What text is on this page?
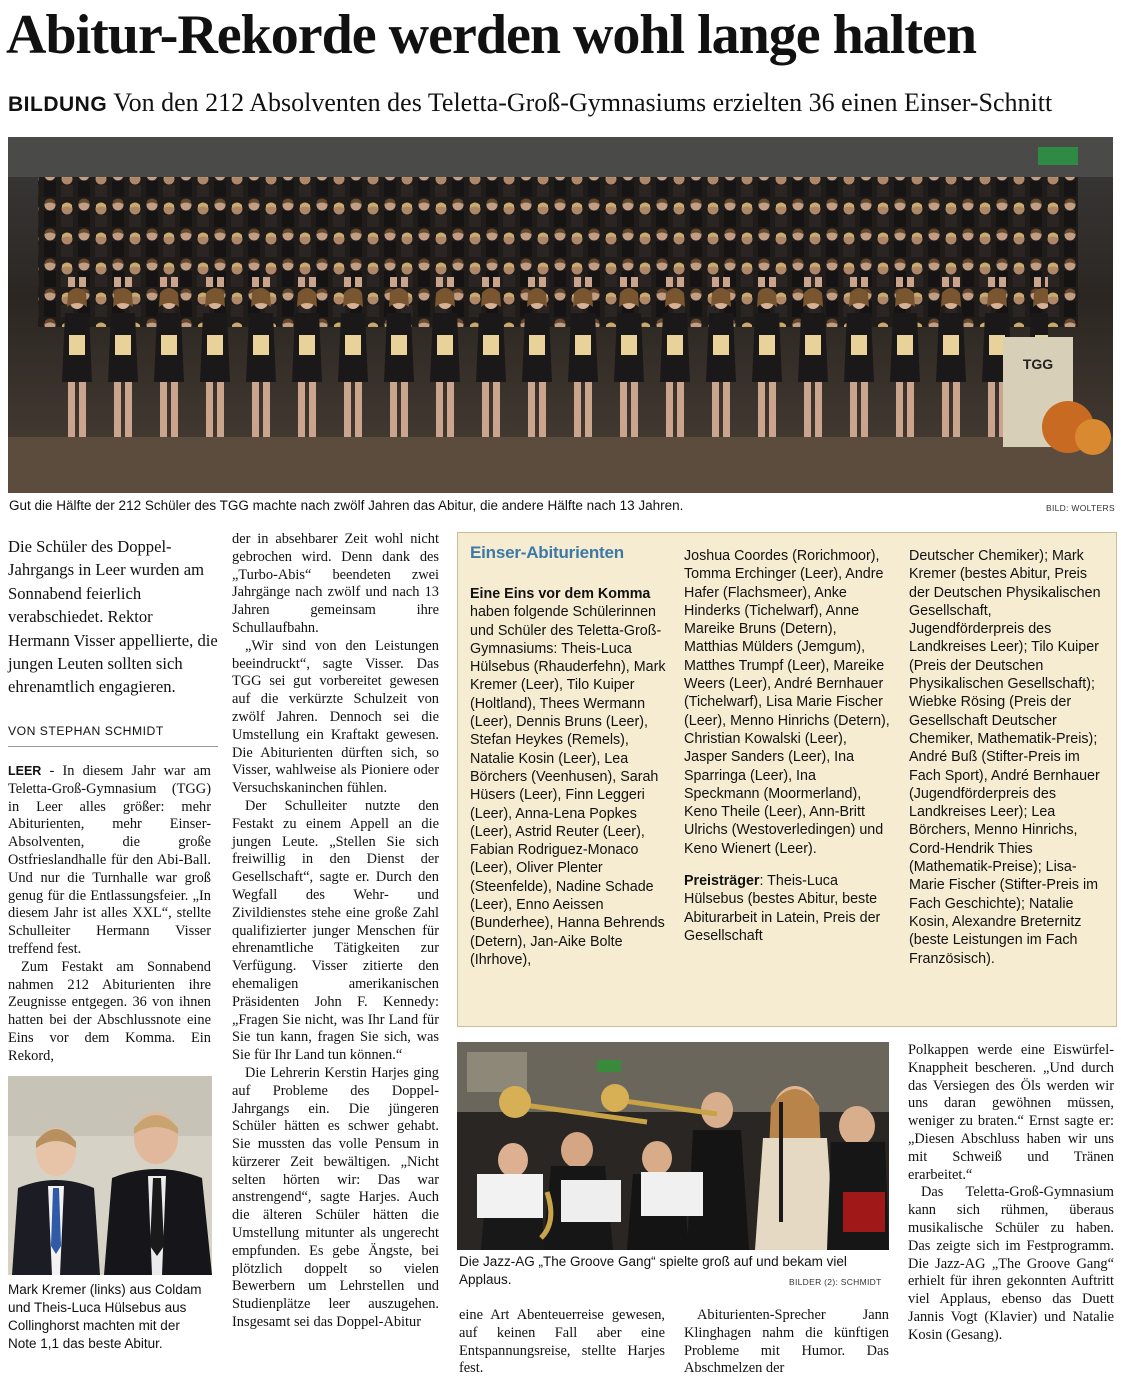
Abitur-Rekorde werden wohl lange halten
BILDUNG Von den 212 Absolventen des Teletta-Groß-Gymnasiums erzielten 36 einen Einser-Schnitt
TGG
Gut die Hälfte der 212 Schüler des TGG machte nach zwölf Jahren das Abitur, die andere Hälfte nach 13 Jahren.	BILD: WOLTERS
Die Schüler des Doppel-Jahrgangs in Leer wurden am Sonnabend feierlich verabschiedet. Rektor Hermann Visser appellierte, die jungen Leuten sollten sich ehrenamtlich engagieren.
VON STEPHAN SCHMIDT

LEER - In diesem Jahr war am Teletta-Groß-Gymnasium (TGG) in Leer alles größer: mehr Abiturienten, mehr Einser-Absolventen, die große Ostfrieslandhalle für den Abi-Ball. Und nur die Turnhalle war groß genug für die Entlassungsfeier. „In diesem Jahr ist alles XXL“, stellte Schulleiter Hermann Visser treffend fest.

Zum Festakt am Sonnabend nahmen 212 Abiturienten ihre Zeugnisse entgegen. 36 von ihnen hatten bei der Abschlussnote eine Eins vor dem Komma. Ein Rekord,

Mark Kremer (links) aus Coldam und Theis-Luca Hülsebus aus Collinghorst machten mit der Note 1,1 das beste Abitur.

der in absehbarer Zeit wohl nicht gebrochen wird. Denn dank des „Turbo-Abis“ beendeten zwei Jahrgänge nach zwölf und nach 13 Jahren gemeinsam ihre Schullaufbahn.

„Wir sind von den Leistungen beeindruckt“, sagte Visser. Das TGG sei gut vorbereitet gewesen auf die verkürzte Schulzeit von zwölf Jahren. Dennoch sei die Umstellung ein Kraftakt gewesen. Die Abiturienten dürften sich, so Visser, wahlweise als Pioniere oder Versuchskaninchen fühlen.

Der Schulleiter nutzte den Festakt zu einem Appell an die jungen Leute. „Stellen Sie sich freiwillig in den Dienst der Gesellschaft“, sagte er. Durch den Wegfall des Wehr- und Zivildienstes stehe eine große Zahl qualifizierter junger Menschen für ehrenamtliche Tätigkeiten zur Verfügung. Visser zitierte den ehemaligen amerikanischen Präsidenten John F. Kennedy: „Fragen Sie nicht, was Ihr Land für Sie tun kann, fragen Sie sich, was Sie für Ihr Land tun können.“

Die Lehrerin Kerstin Harjes ging auf Probleme des Doppel-Jahrgangs ein. Die jüngeren Schüler hätten es schwer gehabt. Sie mussten das volle Pensum in kürzerer Zeit bewältigen. „Nicht selten hörten wir: Das war anstrengend“, sagte Harjes. Auch die älteren Schüler hätten die Umstellung mitunter als ungerecht empfunden. Es gebe Ängste, bei plötzlich doppelt so vielen Bewerbern um Lehrstellen und Studienplätze leer auszugehen. Insgesamt sei das Doppel-Abitur

Einser-Abiturienten
Eine Eins vor dem Komma
haben folgende Schülerinnen und Schüler des Teletta-Groß-Gymnasiums: Theis-Luca Hülsebus (Rhauderfehn), Mark Kremer (Leer), Tilo Kuiper (Holtland), Thees Wermann (Leer), Dennis Bruns (Leer), Stefan Heykes (Remels), Natalie Kosin (Leer), Lea Börchers (Veenhusen), Sarah Hüsers (Leer), Finn Leggeri (Leer), Anna-Lena Popkes (Leer), Astrid Reuter (Leer), Fabian Rodriguez-Monaco (Leer), Oliver Plenter (Steenfelde), Nadine Schade (Leer), Enno Aeissen (Bunderhee), Hanna Behrends (Detern), Jan-Aike Bolte (Ihrhove),
Joshua Coordes (Rorichmoor), Tomma Erchinger (Leer), Andre Hafer (Flachsmeer), Anke Hinderks (Tichelwarf), Anne Mareike Bruns (Detern), Matthias Mülders (Jemgum), Matthes Trumpf (Leer), Mareike Weers (Leer), André Bernhauer (Tichelwarf), Lisa Marie Fischer (Leer), Menno Hinrichs (Detern), Christian Kowalski (Leer), Jasper Sanders (Leer), Ina Sparringa (Leer), Ina Speckmann (Moormerland), Keno Theile (Leer), Ann-Britt Ulrichs (Westoverledingen) und Keno Wienert (Leer).
Preisträger: Theis-Luca Hülsebus (bestes Abitur, beste Abiturarbeit in Latein, Preis der Gesellschaft
Deutscher Chemiker); Mark Kremer (bestes Abitur, Preis der Deutschen Physikalischen Gesellschaft, Jugendförderpreis des Landkreises Leer); Tilo Kuiper (Preis der Deutschen Physikalischen Gesellschaft); Wiebke Rösing (Preis der Gesellschaft Deutscher Chemiker, Mathematik-Preis); André Buß (Stifter-Preis im Fach Sport), André Bernhauer (Jugendförderpreis des Landkreises Leer); Lea Börchers, Menno Hinrichs, Cord-Hendrik Thies (Mathematik-Preise); Lisa-Marie Fischer (Stifter-Preis im Fach Geschichte); Natalie Kosin, Alexandre Breternitz (beste Leistungen im Fach Französisch).
Die Jazz-AG „The Groove Gang“ spielte groß auf und bekam viel Applaus.	BILDER (2): SCHMIDT

eine Art Abenteuerreise gewesen, auf keinen Fall aber eine Entspannungsreise, stellte Harjes fest.

Abiturienten-Sprecher Jann Klinghagen nahm die künftigen Probleme mit Humor. Das Abschmelzen der

Polkappen werde eine Eiswürfel-Knappheit bescheren. „Und durch das Versiegen des Öls werden wir uns daran gewöhnen müssen, weniger zu braten.“ Ernst sagte er: „Diesen Abschluss haben wir uns mit Schweiß und Tränen erarbeitet.“

Das Teletta-Groß-Gymnasium kann sich rühmen, überaus musikalische Schüler zu haben. Das zeigte sich im Festprogramm. Die Jazz-AG „The Groove Gang“ erhielt für ihren gekonnten Auftritt viel Applaus, ebenso das Duett Jannis Vogt (Klavier) und Natalie Kosin (Gesang).
